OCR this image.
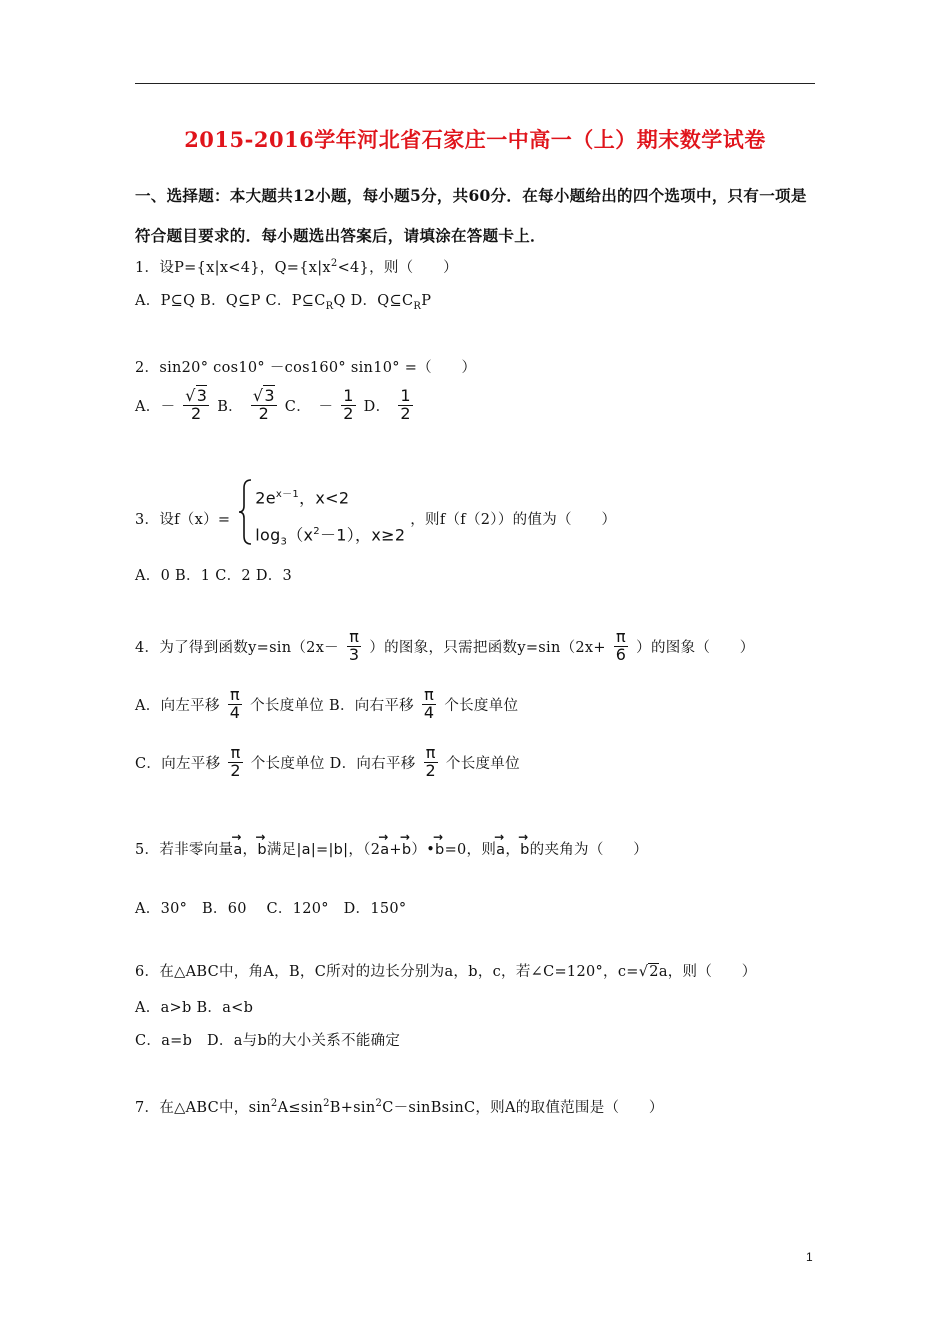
2015-2016学年河北省石家庄一中高一（上）期末数学试卷
一、选择题：本大题共12小题，每小题5分，共60分．在每小题给出的四个选项中，只有一项是
符合题目要求的．每小题选出答案后，请填涂在答题卡上．
1．设P={x|x<4}，$Q=\{x|x^2<4\}$，则（　　）
A．P⊆Q B．Q⊆P C．$P⊆C_RQ$ D．$Q⊆C_RP$
2．sin20° cos10° －cos160° sin10° =（　　）
A．－ $\frac{√3}{2}$ B． $\frac{√3}{2}$ C．　－ $\frac{1}{2}$ D． $\frac{1}{2}$
3．设f（x）=
$2e^{x-1}$，x<2
$\log_3(x^2-1)$，x≥2
，则f（f（2））的值为（　　）
A．0 B．1 C．2 D．3
4．为了得到函数$y=\sin(2x- \frac{\pi}{3}$ ）的图象，只需把函数$y=\sin(2x+ \frac{\pi}{6}$ ）的图象（　　）
A．向左平移 $\frac{\pi}{4}$ 个长度单位 B．向右平移 $\frac{\pi}{4}$ 个长度单位
C．向左平移 $\frac{\pi}{2}$ 个长度单位 D．向右平移 $\frac{\pi}{2}$ 个长度单位
5．若非零向量→ a，→ b满足|a|=|b|，（2→ a+→ b）•→ b=0，则→ a，→ b的夹角为（　　）
A．30°　B．60　 C．120°　D．150°
6．在△ABC中，角A，B，C所对的边长分别为a，b，c，若∠C=120°，c=√2a，则（　　）
A．a>b B．a<b
C．a=b　D．a与b的大小关系不能确定
7．在△ABC中，$\sin^2A\le\sin^2B+\sin^2C-sinBsinC$，则A的取值范围是（　　）
1
